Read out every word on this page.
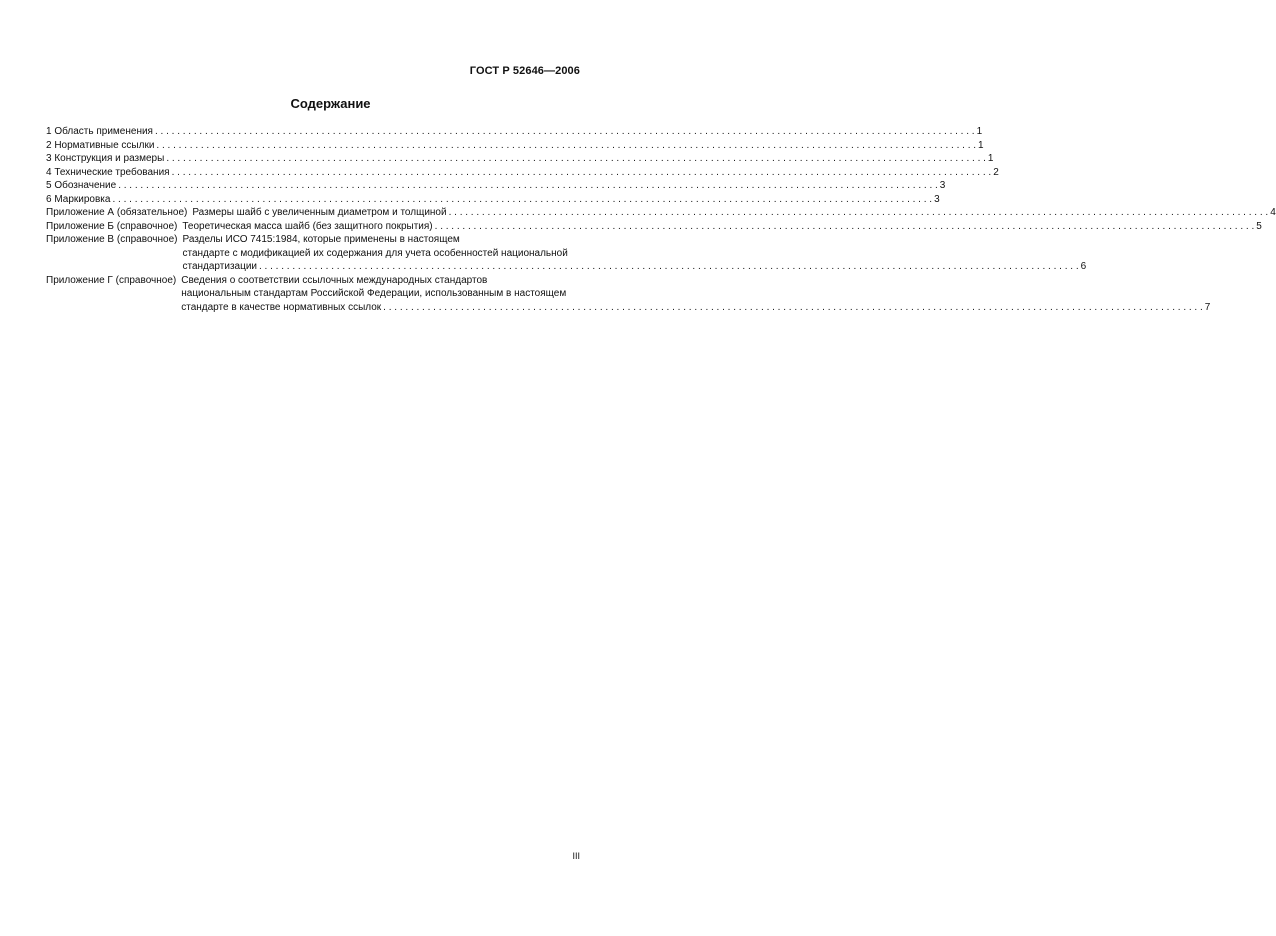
ГОСТ Р 52646—2006
Содержание
1 Область применения . . .	1
2 Нормативные ссылки . . .	1
3 Конструкция и размеры . . .	1
4 Технические требования . . .	2
5 Обозначение . . .	3
6 Маркировка . . .	3
Приложение А (обязательное) Размеры шайб с увеличенным диаметром и толщиной . . .	4
Приложение Б (справочное) Теоретическая масса шайб (без защитного покрытия) . . .	5
Приложение В (справочное) Разделы ИСО 7415:1984, которые применены в настоящем
стандарте с модификацией их содержания для учета особенностей национальной
стандартизации . . .	6
Приложение Г (справочное) Сведения о соответствии ссылочных международных стандартов
национальным стандартам Российской Федерации, использованным в настоящем
стандарте в качестве нормативных ссылок . . .	7
III
